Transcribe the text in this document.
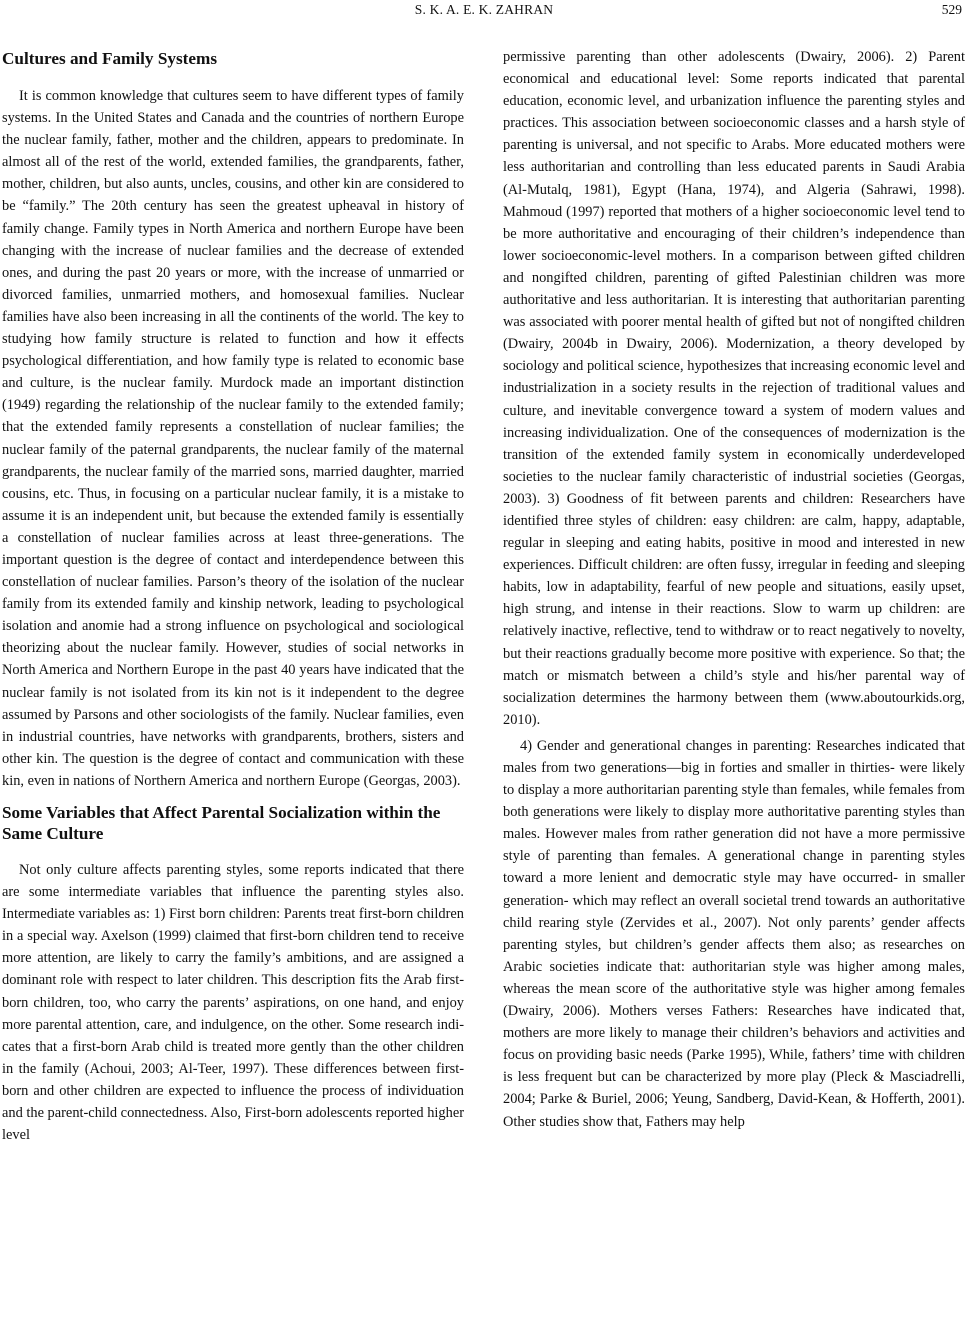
S. K. A. E. K. ZAHRAN	529
Cultures and Family Systems

It is common knowledge that cultures seem to have different types of family systems. In the United States and Canada and the countries of northern Europe the nuclear family, father, mother and the children, appears to predominate. In almost all of the rest of the world, extended families, the grandparents, father, mother, children, but also aunts, uncles, cousins, and other kin are considered to be “family.” The 20th century has seen the greatest upheaval in history of family change. Family types in North America and northern Europe have been changing with the increase of nuclear families and the decrease of extended ones, and during the past 20 years or more, with the increase of unmarried or divorced families, unmarried mothers, and homosexual families. Nuclear families have also been increasing in all the continents of the world. The key to studying how family structure is related to function and how it effects psychological differentiation, and how family type is related to economic base and culture, is the nuclear family. Murdock made an important distinction (1949) regarding the relationship of the nuclear family to the extended family; that the extended family represents a constellation of nuclear families; the nuclear family of the paternal grandparents, the nuclear family of the maternal grandparents, the nuclear family of the married sons, married daughter, married cousins, etc. Thus, in focusing on a particular nuclear family, it is a mistake to assume it is an independent unit, but because the extended family is essentially a constellation of nuclear families across at least three-generations. The important question is the degree of contact and interdependence between this constellation of nuclear families. Parson’s theory of the isolation of the nuclear family from its extended family and kinship network, leading to psychological isolation and anomie had a strong influence on psychological and sociological theorizing about the nuclear family. However, studies of social networks in North America and Northern Europe in the past 40 years have indicated that the nuclear family is not isolated from its kin not is it independent to the degree assumed by Parsons and other sociologists of the family. Nuclear families, even in industrial countries, have networks with grandparents, brothers, sisters and other kin. The question is the degree of contact and communication with these kin, even in nations of Northern America and northern Europe (Georgas, 2003).

Some Variables that Affect Parental Socialization within the Same Culture

Not only culture affects parenting styles, some reports indicated that there are some intermediate variables that influence the parenting styles also. Intermediate variables as: 1) First born children: Parents treat first-born children in a special way. Axelson (1999) claimed that first-born children tend to receive more attention, are likely to carry the family’s ambitions, and are assigned a dominant role with respect to later children. This description fits the Arab first-born children, too, who carry the parents’ aspirations, on one hand, and enjoy more parental attention, care, and indulgence, on the other. Some research indicates that a first-born Arab child is treated more gently than the other children in the family (Achoui, 2003; Al-Teer, 1997). These differences between first-born and other children are expected to influence the process of individuation and the parent-child connectedness. Also, First-born adolescents reported higher level

permissive parenting than other adolescents (Dwairy, 2006). 2) Parent economical and educational level: Some reports indicated that parental education, economic level, and urbanization influence the parenting styles and practices. This association between socioeconomic classes and a harsh style of parenting is universal, and not specific to Arabs. More educated mothers were less authoritarian and controlling than less educated parents in Saudi Arabia (Al-Mutalq, 1981), Egypt (Hana, 1974), and Algeria (Sahrawi, 1998). Mahmoud (1997) reported that mothers of a higher socioeconomic level tend to be more authoritative and encouraging of their children’s independence than lower socioeconomic-level mothers. In a comparison between gifted children and nongifted children, parenting of gifted Palestinian children was more authoritative and less authoritarian. It is interesting that authoritarian parenting was associated with poorer mental health of gifted but not of nongifted children (Dwairy, 2004b in Dwairy, 2006). Modernization, a theory developed by sociology and political science, hypothesizes that increasing economic level and industrialization in a society results in the rejection of traditional values and culture, and inevitable convergence toward a system of modern values and increasing individualization. One of the consequences of modernization is the transition of the extended family system in economically underdeveloped societies to the nuclear family characteristic of industrial societies (Georgas, 2003). 3) Goodness of fit between parents and children: Researchers have identified three styles of children: easy children: are calm, happy, adaptable, regular in sleeping and eating habits, positive in mood and interested in new experiences. Difficult children: are often fussy, irregular in feeding and sleeping habits, low in adaptability, fearful of new people and situations, easily upset, high strung, and intense in their reactions. Slow to warm up children: are relatively inactive, reflective, tend to withdraw or to react negatively to novelty, but their reactions gradually become more positive with experience. So that; the match or mismatch between a child’s style and his/her parental way of socialization determines the harmony between them (www.aboutourkids.org, 2010).

4) Gender and generational changes in parenting: Researches indicated that males from two generations—big in forties and smaller in thirties- were likely to display a more authoritarian parenting style than females, while females from both generations were likely to display more authoritative parenting styles than males. However males from rather generation did not have a more permissive style of parenting than females. A generational change in parenting styles toward a more lenient and democratic style may have occurred- in smaller generation- which may reflect an overall societal trend towards an authoritative child rearing style (Zervides et al., 2007). Not only parents’ gender affects parenting styles, but children’s gender affects them also; as researches on Arabic societies indicate that: authoritarian style was higher among males, whereas the mean score of the authoritative style was higher among females (Dwairy, 2006). Mothers verses Fathers: Researches have indicated that, mothers are more likely to manage their children’s behaviors and activities and focus on providing basic needs (Parke 1995), While, fathers’ time with children is less frequent but can be characterized by more play (Pleck & Masciadrelli, 2004; Parke & Buriel, 2006; Yeung, Sandberg, David-Kean, & Hofferth, 2001). Other studies show that, Fathers may help
